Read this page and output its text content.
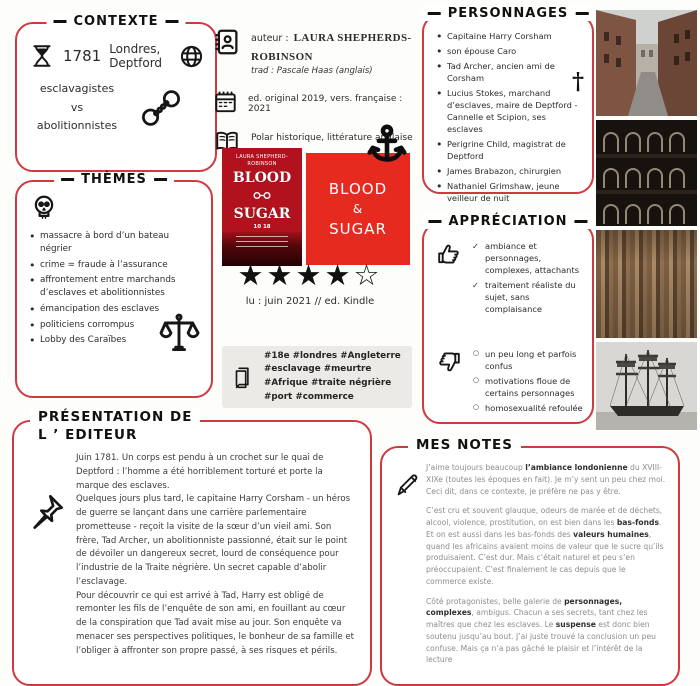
CONTEXTE
1781 Londres, Deptford
esclavagistes
vs
abolitionnistes
auteur : LAURA SHEPHERDS-ROBINSON
trad : Pascale Haas (anglais)
ed. original 2019, vers. française : 2021
Polar historique, littérature anglaise
PERSONNAGES
• Capitaine Harry Corsham
• son épouse Caro
• Tad Archer, ancien ami de Corsham
• Lucius Stokes, marchand d’esclaves, maire de Deptford - Cannelle et Scipion, ses esclaves
• Perigrine Child, magistrat de Deptford
• James Brabazon, chirurgien
• Nathaniel Grimshaw, jeune veilleur de nuit
†
THÈMES
• massacre à bord d’un bateau négrier
• crime = fraude à l’assurance
• affrontement entre marchands d’esclaves et abolitionnistes
• émancipation des esclaves
• politiciens corrompus
• Lobby des Caraïbes
LAURA SHEPHERD-ROBINSON
BLOOD
SUGAR
10 18
BLOOD
&
SUGAR
★★★★☆
lu : juin 2021 // ed. Kindle
#18e #londres #Angleterre #esclavage #meurtre #Afrique #traite négrière #port #commerce
APPRÉCIATION
✓ ambiance et personnages, complexes, attachants
✓ traitement réaliste du sujet, sans complaisance
○ un peu long et parfois confus
○ motivations floue de certains personnages
○ homosexualité refoulée
PRÉSENTATION DE
L ’ EDITEUR

Juin 1781. Un corps est pendu à un crochet sur le quai de Deptford : l’homme a été horriblement torturé et porte la marque des esclaves.

Quelques jours plus tard, le capitaine Harry Corsham - un héros de guerre se lançant dans une carrière parlementaire prometteuse - reçoit la visite de la sœur d’un vieil ami. Son frère, Tad Archer, un abolitionniste passionné, était sur le point de dévoiler un dangereux secret, lourd de conséquence pour l’industrie de la Traite négrière. Un secret capable d’abolir l’esclavage.

Pour découvrir ce qui est arrivé à Tad, Harry est obligé de remonter les fils de l’enquête de son ami, en fouillant au cœur de la conspiration que Tad avait mise au jour. Son enquête va menacer ses perspectives politiques, le bonheur de sa famille et l’obliger à affronter son propre passé, à ses risques et périls.

MES NOTES

J’aime toujours beaucoup l’ambiance londonienne du XVIII-XIXe (toutes les époques en fait). Je m’y sent un peu chez moi. Ceci dit, dans ce contexte, je préfère ne pas y être.

C’est cru et souvent glauque, odeurs de marée et de déchets, alcool, violence, prostitution, on est bien dans les bas-fonds. Et on est aussi dans les bas-fonds des valeurs humaines, quand les africains avaient moins de valeur que le sucre qu’ils produisaient. C’est dur. Mais c’était naturel et peu s’en préoccupaient. C’est finalement le cas depuis que le commerce existe.

Côté protagonistes, belle galerie de personnages, complexes, ambigus. Chacun a ses secrets, tant chez les maîtres que chez les esclaves. Le suspense est donc bien soutenu jusqu’au bout. J’ai juste trouvé la conclusion un peu confuse. Mais ça n’a pas gâché le plaisir et l’intérêt de la lecture
